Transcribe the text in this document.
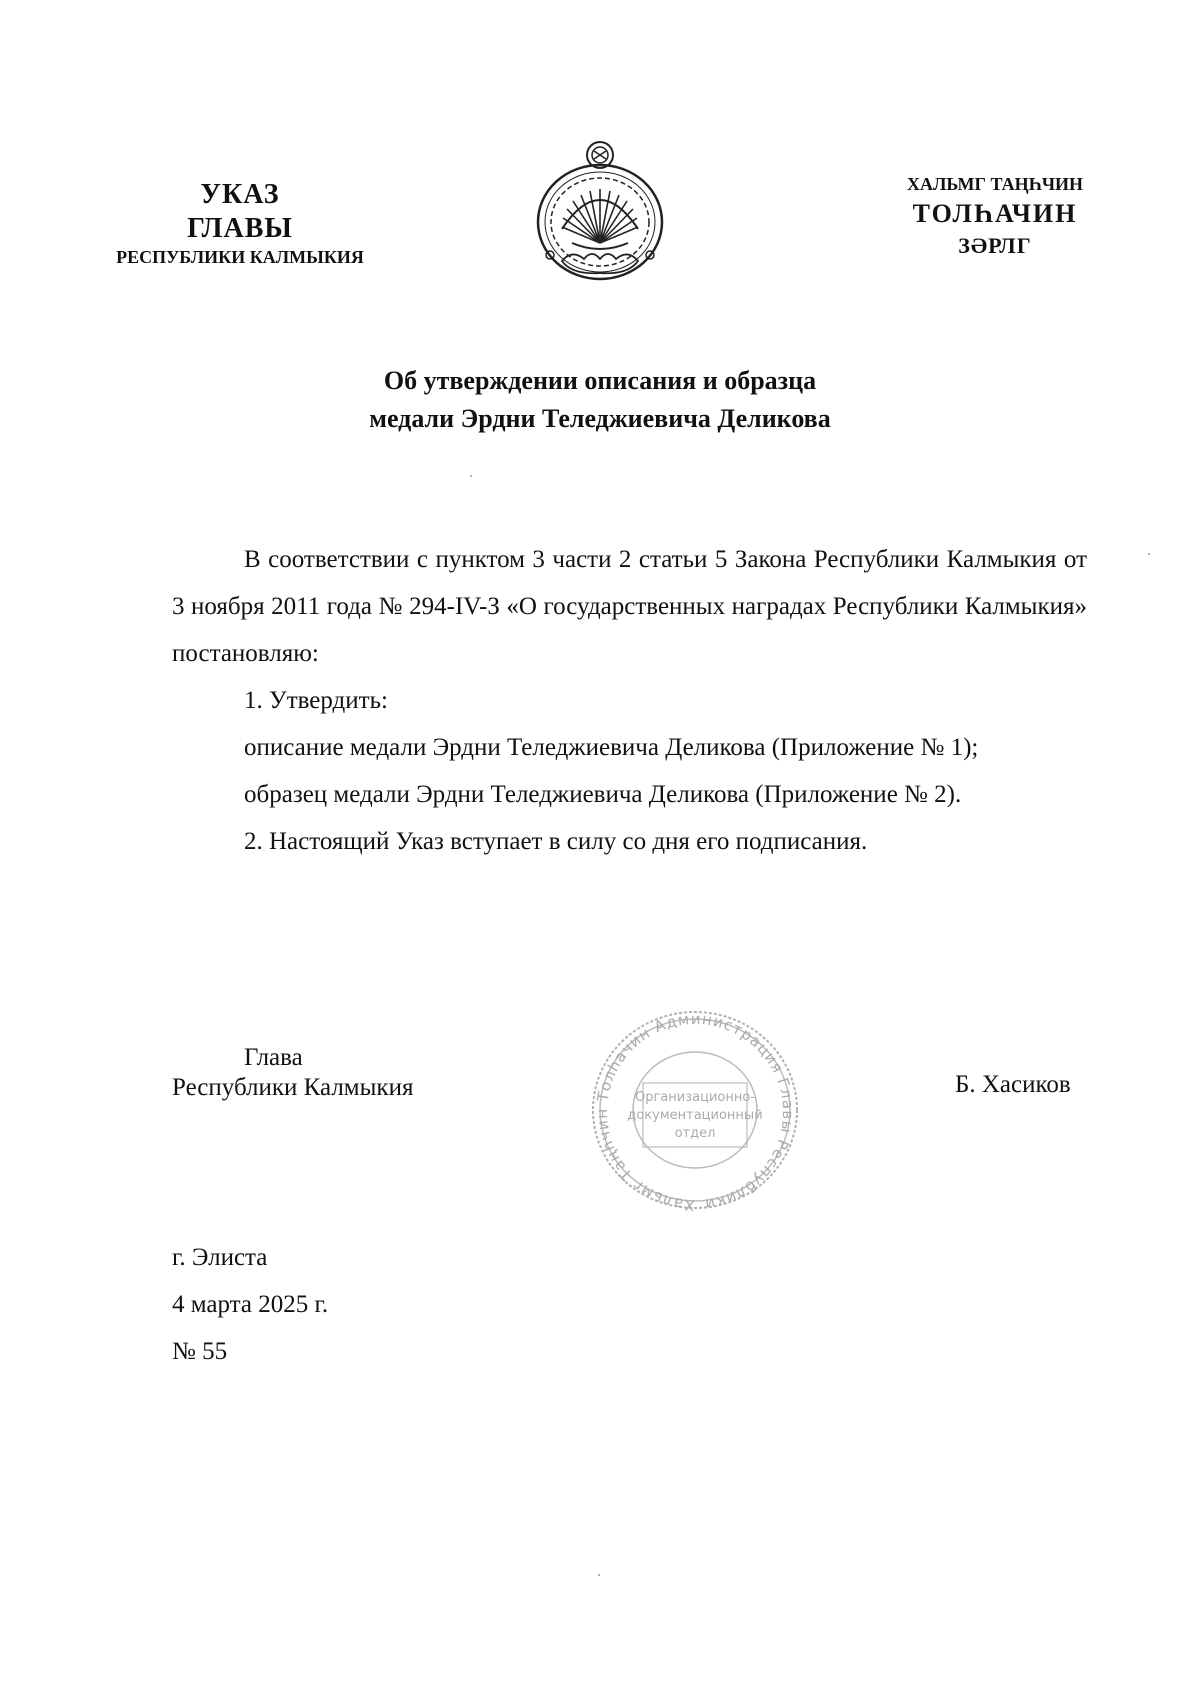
УКАЗ
ГЛАВЫ
РЕСПУБЛИКИ КАЛМЫКИЯ
ХАЛЬМГ ТАҢҺЧИН
ТОЛҺАЧИН
ЗӘРЛГ
Об утверждении описания и образца
медали Эрдни Теледжиевича Деликова

В соответствии с пунктом 3 части 2 статьи 5 Закона Республики Калмыкия от 3 ноября 2011 года № 294-IV-З «О государственных наградах Республики Калмыкия» постановляю:

1. Утвердить:

описание медали Эрдни Теледжиевича Деликова (Приложение № 1);

образец медали Эрдни Теледжиевича Деликова (Приложение № 2).

2. Настоящий Указ вступает в силу со дня его подписания.

Глава
Республики Калмыкия
Хальмг Таңһчин Толһачин Администрация Главы Республики
Организационно-
документационный
отдел
Б. Хасиков
г. Элиста
4 марта 2025 г.
№ 55
